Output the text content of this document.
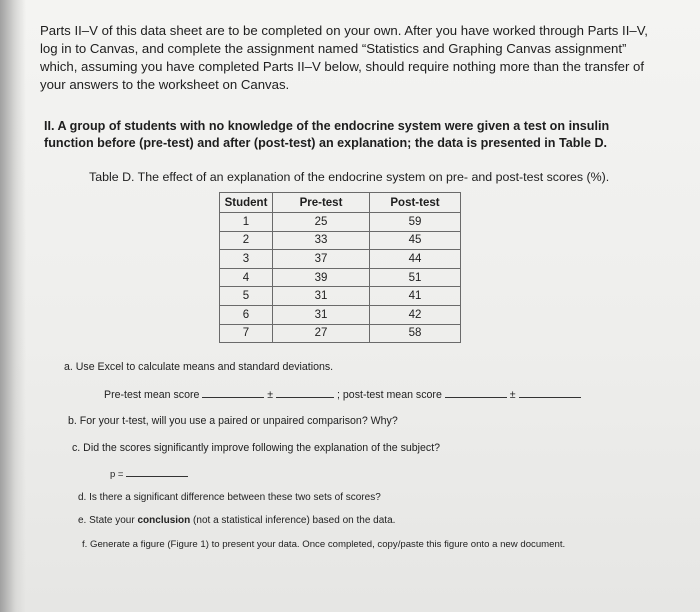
Parts II–V of this data sheet are to be completed on your own. After you have worked through Parts II–V, log in to Canvas, and complete the assignment named “Statistics and Graphing Canvas assignment” which, assuming you have completed Parts II–V below, should require nothing more than the transfer of your answers to the worksheet on Canvas.
II. A group of students with no knowledge of the endocrine system were given a test on insulin function before (pre-test) and after (post-test) an explanation; the data is presented in Table D.
Table D. The effect of an explanation of the endocrine system on pre- and post-test scores (%).
Student	Pre-test	Post-test
1	25	59
2	33	45
3	37	44
4	39	51
5	31	41
6	31	42
7	27	58
a. Use Excel to calculate means and standard deviations.
Pre-test mean score	±	; post-test mean score	±
b. For your t-test, will you use a paired or unpaired comparison? Why?
c. Did the scores significantly improve following the explanation of the subject?
p =
d. Is there a significant difference between these two sets of scores?
e. State your conclusion (not a statistical inference) based on the data.
f. Generate a figure (Figure 1) to present your data. Once completed, copy/paste this figure onto a new document.
